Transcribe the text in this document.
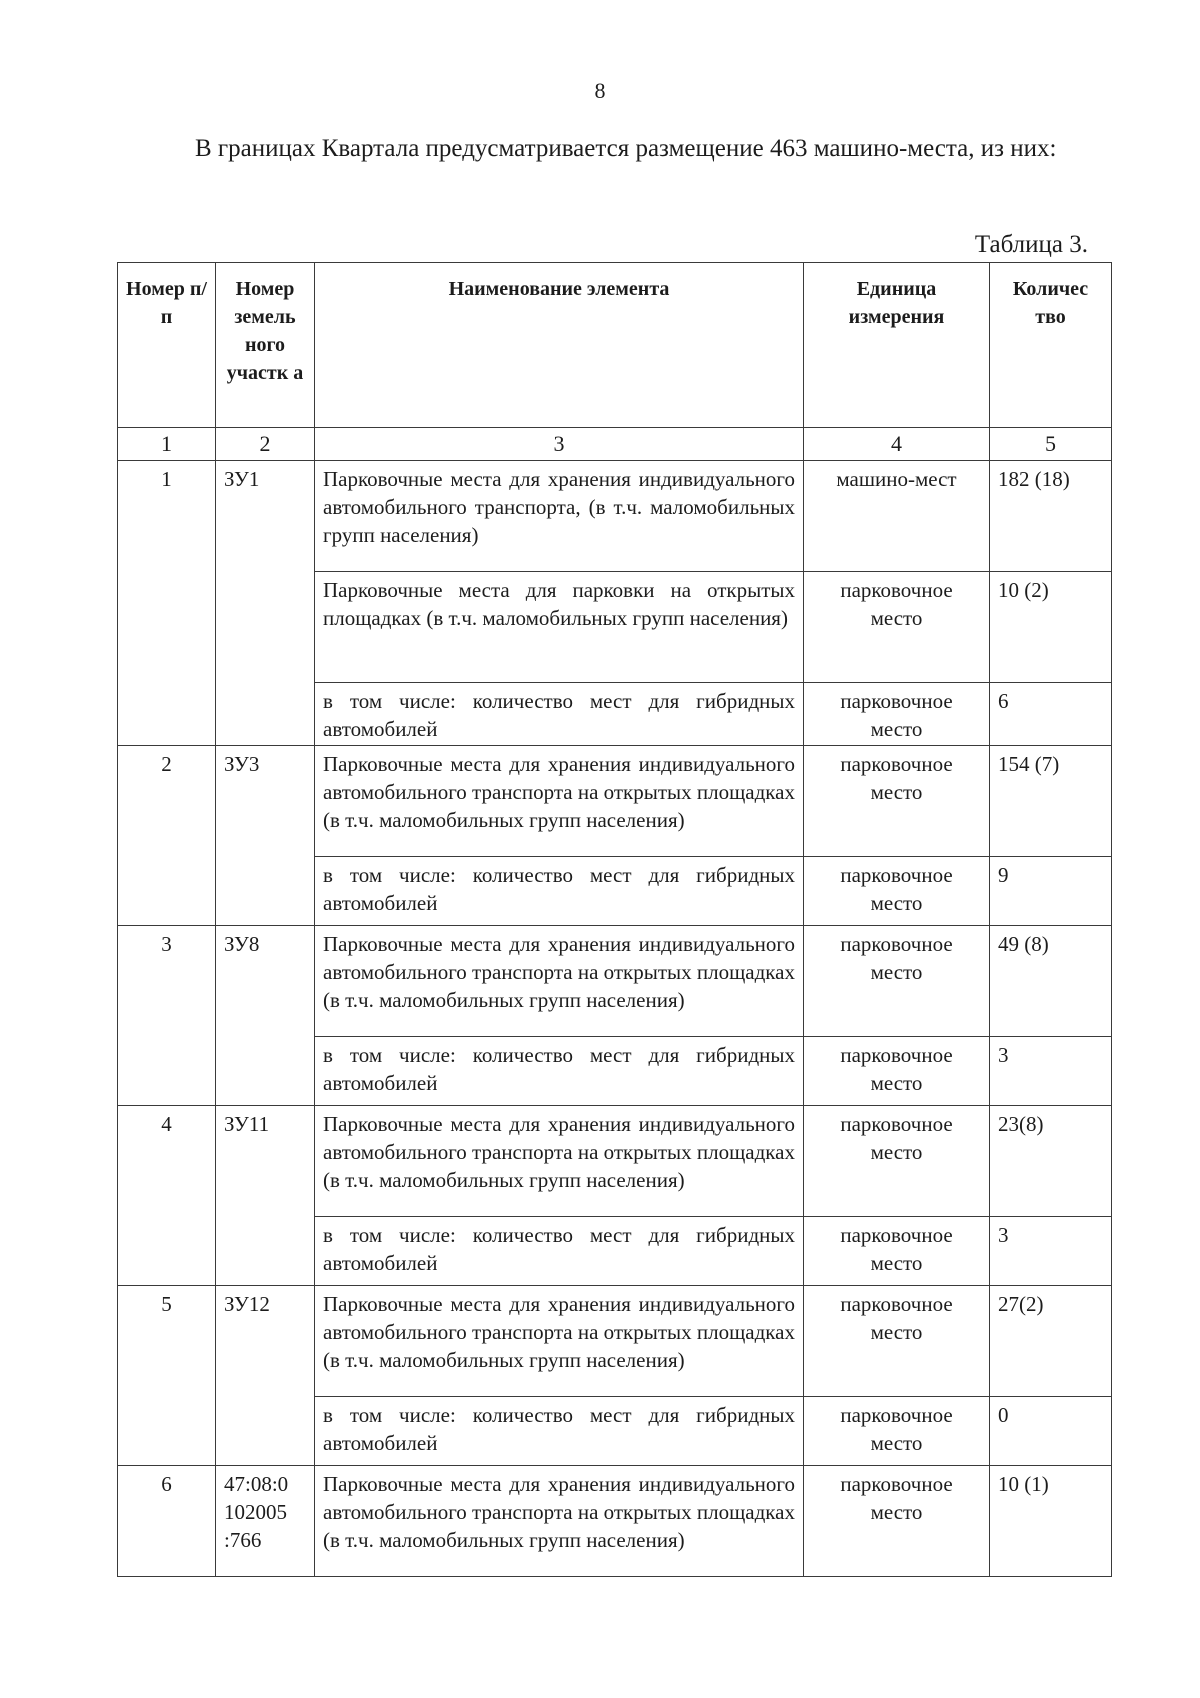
8

В границах Квартала предусматривается размещение 463 машино-места, из них:

Таблица 3.
Номер п/п	Номер земель ного участк а	Наименование элемента	Единица измерения	Количес тво
1	2	3	4	5
1	ЗУ1	Парковочные места для хранения индивидуального автомобильного транспорта, (в т.ч. маломобильных групп населения)	машино-мест	182 (18)
		Парковочные места для парковки на открытых площадках (в т.ч. маломобильных групп населения)	парковочное место	10 (2)
		в том числе: количество мест для гибридных автомобилей	парковочное место	6
2	ЗУ3	Парковочные места для хранения индивидуального автомобильного транспорта на открытых площадках (в т.ч. маломобильных групп населения)	парковочное место	154 (7)
		в том числе: количество мест для гибридных автомобилей	парковочное место	9
3	ЗУ8	Парковочные места для хранения индивидуального автомобильного транспорта на открытых площадках (в т.ч. маломобильных групп населения)	парковочное место	49 (8)
		в том числе: количество мест для гибридных автомобилей	парковочное место	3
4	ЗУ11	Парковочные места для хранения индивидуального автомобильного транспорта на открытых площадках (в т.ч. маломобильных групп населения)	парковочное место	23(8)
		в том числе: количество мест для гибридных автомобилей	парковочное место	3
5	ЗУ12	Парковочные места для хранения индивидуального автомобильного транспорта на открытых площадках (в т.ч. маломобильных групп населения)	парковочное место	27(2)
		в том числе: количество мест для гибридных автомобилей	парковочное место	0
6	47:08:0 102005 :766	Парковочные места для хранения индивидуального автомобильного транспорта на открытых площадках (в т.ч. маломобильных групп населения)	парковочное место	10 (1)
